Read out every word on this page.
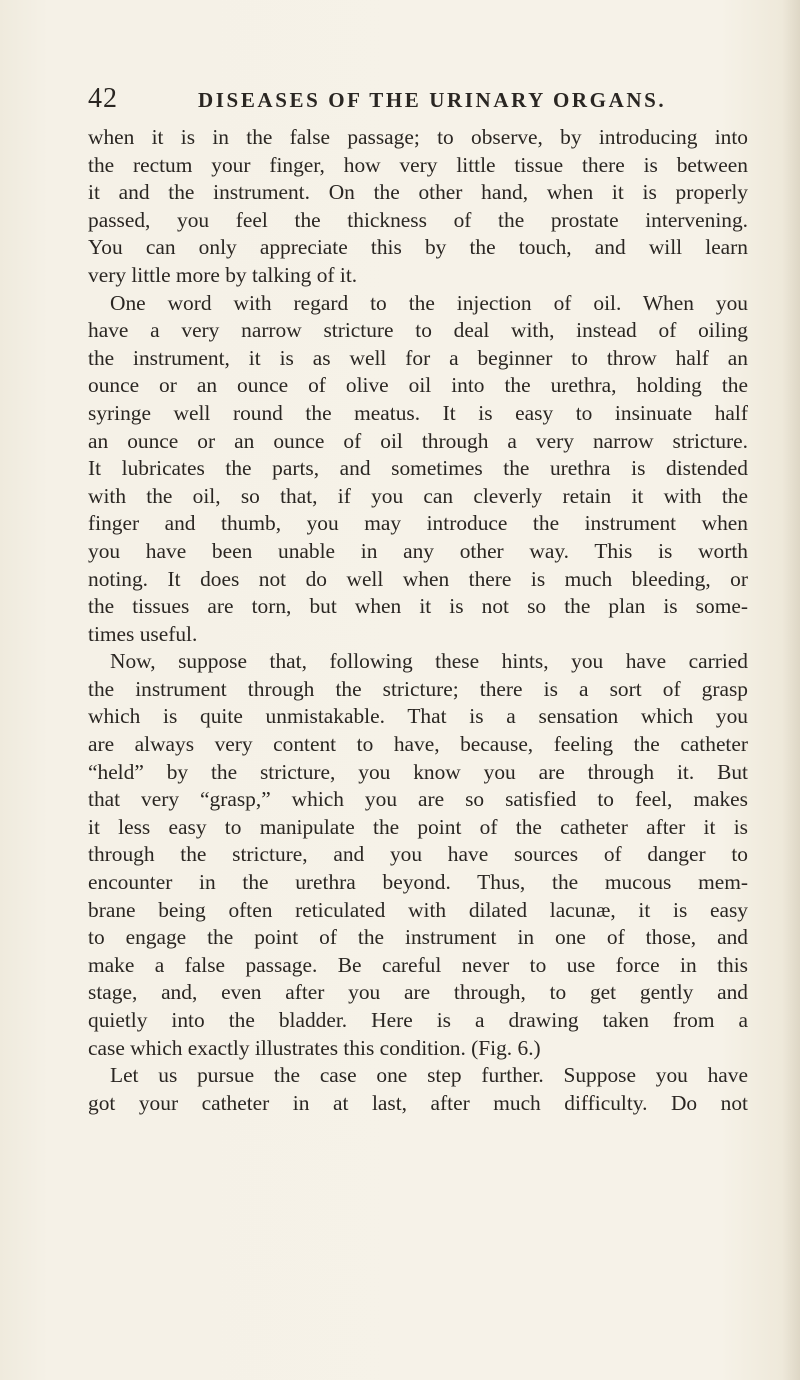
42	DISEASES OF THE URINARY ORGANS.
when it is in the false passage; to observe, by introducing into
the rectum your finger, how very little tissue there is between
it and the instrument. On the other hand, when it is properly
passed, you feel the thickness of the prostate intervening.
You can only appreciate this by the touch, and will learn
very little more by talking of it.
One word with regard to the injection of oil. When you
have a very narrow stricture to deal with, instead of oiling
the instrument, it is as well for a beginner to throw half an
ounce or an ounce of olive oil into the urethra, holding the
syringe well round the meatus. It is easy to insinuate half
an ounce or an ounce of oil through a very narrow stricture.
It lubricates the parts, and sometimes the urethra is distended
with the oil, so that, if you can cleverly retain it with the
finger and thumb, you may introduce the instrument when
you have been unable in any other way. This is worth
noting. It does not do well when there is much bleeding, or
the tissues are torn, but when it is not so the plan is some-
times useful.
Now, suppose that, following these hints, you have carried
the instrument through the stricture; there is a sort of grasp
which is quite unmistakable. That is a sensation which you
are always very content to have, because, feeling the catheter
“held” by the stricture, you know you are through it. But
that very “grasp,” which you are so satisfied to feel, makes
it less easy to manipulate the point of the catheter after it is
through the stricture, and you have sources of danger to
encounter in the urethra beyond. Thus, the mucous mem-
brane being often reticulated with dilated lacunæ, it is easy
to engage the point of the instrument in one of those, and
make a false passage. Be careful never to use force in this
stage, and, even after you are through, to get gently and
quietly into the bladder. Here is a drawing taken from a
case which exactly illustrates this condition. (Fig. 6.)
Let us pursue the case one step further. Suppose you have
got your catheter in at last, after much difficulty. Do not
